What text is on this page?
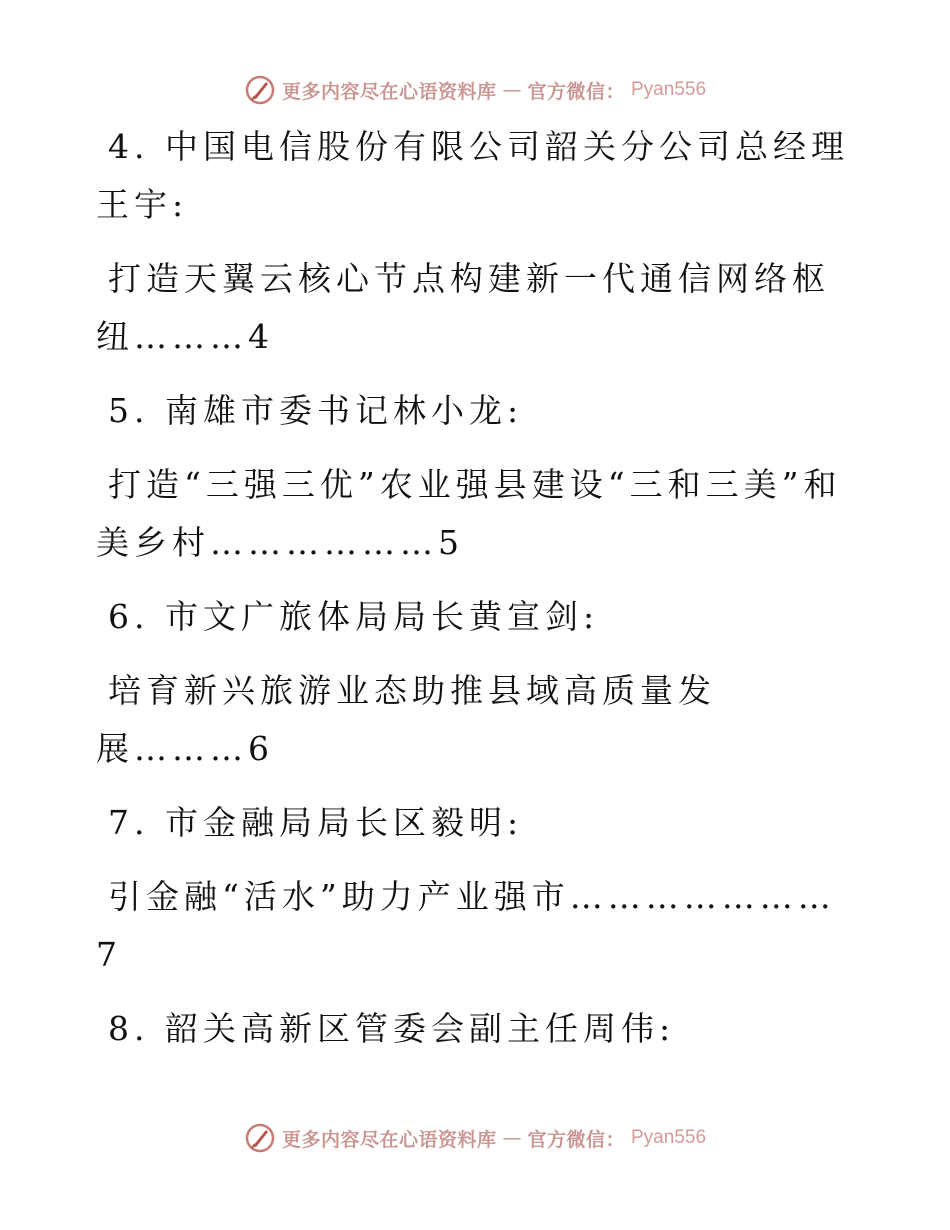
更多内容尽在心语资料库 — 官方微信： Pyan556

4. 中国电信股份有限公司韶关分公司总经理王宇:

打造天翼云核心节点构建新一代通信网络枢纽………4

5. 南雄市委书记林小龙:

打造“三强三优”农业强县建设“三和三美”和美乡村………………5

6. 市文广旅体局局长黄宣剑:

培育新兴旅游业态助推县域高质量发展………6

7. 市金融局局长区毅明:

引金融“活水”助力产业强市…………………7

8. 韶关高新区管委会副主任周伟:

更多内容尽在心语资料库 — 官方微信： Pyan556
